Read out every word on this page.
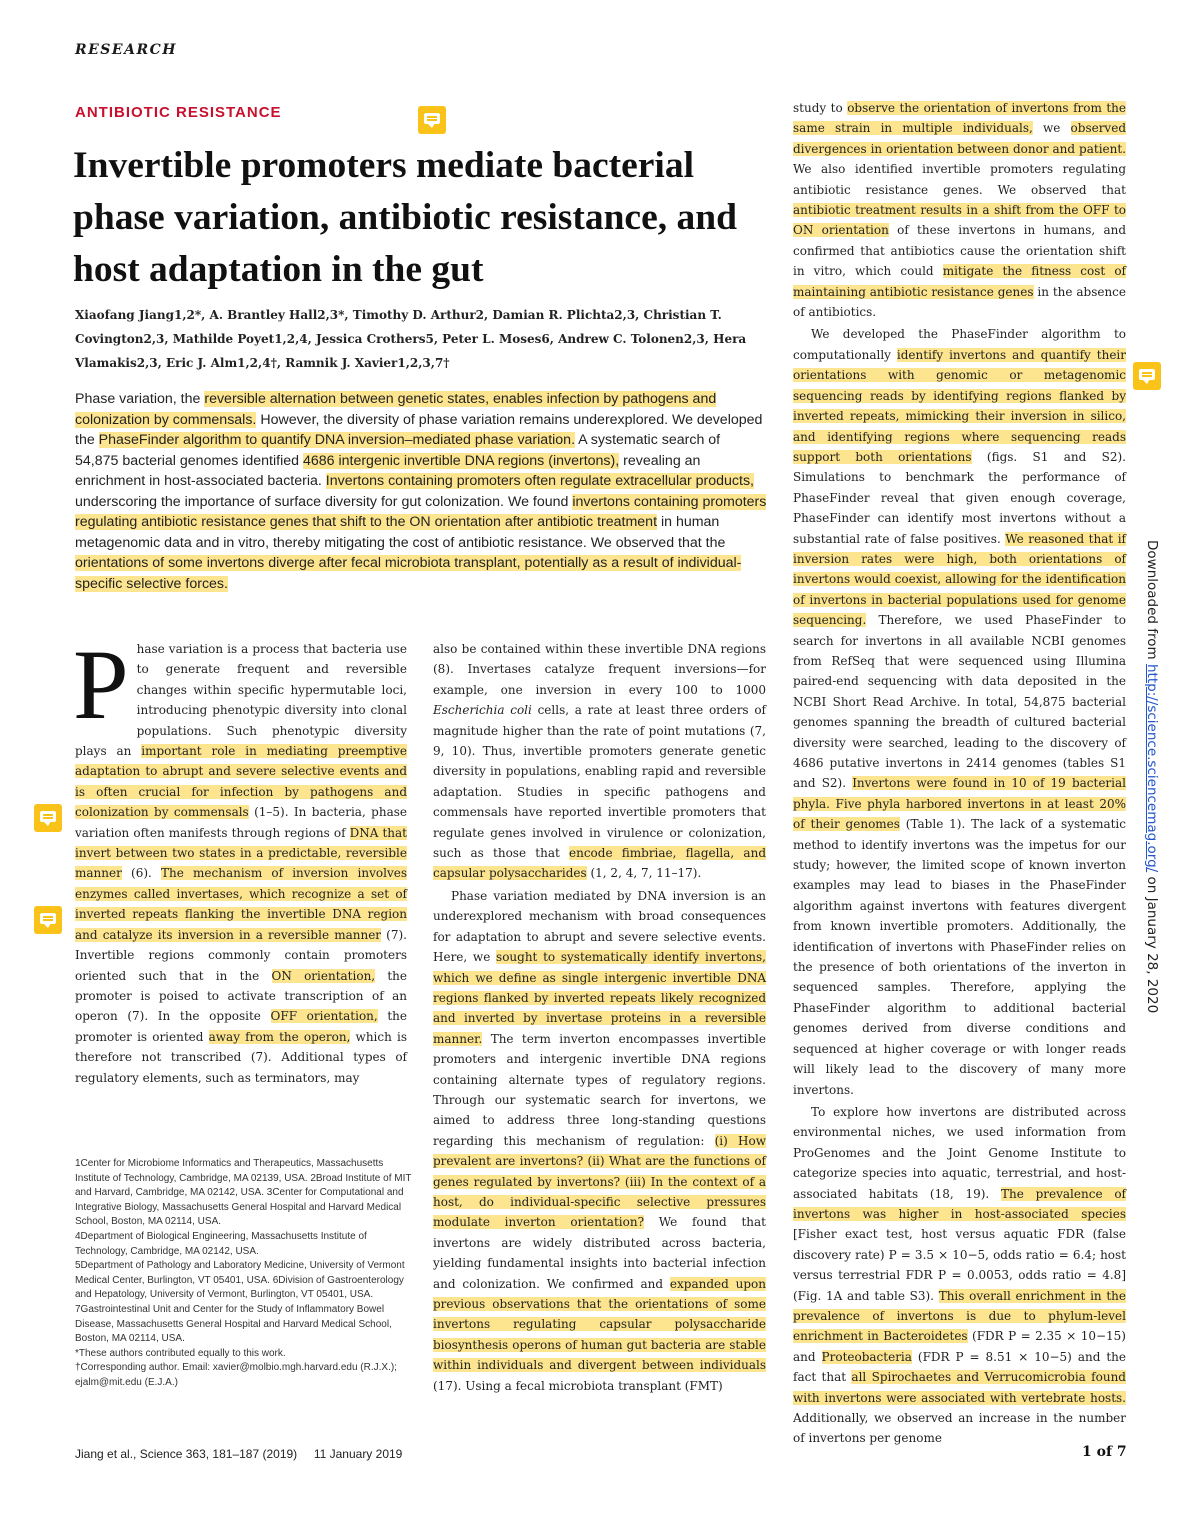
RESEARCH
ANTIBIOTIC RESISTANCE
Invertible promoters mediate bacterial phase variation, antibiotic resistance, and host adaptation in the gut

Xiaofang Jiang1,2*, A. Brantley Hall2,3*, Timothy D. Arthur2, Damian R. Plichta2,3, Christian T. Covington2,3, Mathilde Poyet1,2,4, Jessica Crothers5, Peter L. Moses6, Andrew C. Tolonen2,3, Hera Vlamakis2,3, Eric J. Alm1,2,4†, Ramnik J. Xavier1,2,3,7†

Phase variation, the reversible alternation between genetic states, enables infection by pathogens and colonization by commensals. However, the diversity of phase variation remains underexplored. We developed the PhaseFinder algorithm to quantify DNA inversion–mediated phase variation. A systematic search of 54,875 bacterial genomes identified 4686 intergenic invertible DNA regions (invertons), revealing an enrichment in host-associated bacteria. Invertons containing promoters often regulate extracellular products, underscoring the importance of surface diversity for gut colonization. We found invertons containing promoters regulating antibiotic resistance genes that shift to the ON orientation after antibiotic treatment in human metagenomic data and in vitro, thereby mitigating the cost of antibiotic resistance. We observed that the orientations of some invertons diverge after fecal microbiota transplant, potentially as a result of individual-specific selective forces.

Phase variation is a process that bacteria use to generate frequent and reversible changes within specific hypermutable loci, introducing phenotypic diversity into clonal populations. Such phenotypic diversity plays an important role in mediating preemptive adaptation to abrupt and severe selective events and is often crucial for infection by pathogens and colonization by commensals (1–5). In bacteria, phase variation often manifests through regions of DNA that invert between two states in a predictable, reversible manner (6). The mechanism of inversion involves enzymes called invertases, which recognize a set of inverted repeats flanking the invertible DNA region and catalyze its inversion in a reversible manner (7). Invertible regions commonly contain promoters oriented such that in the ON orientation, the promoter is poised to activate transcription of an operon (7). In the opposite OFF orientation, the promoter is oriented away from the operon, which is therefore not transcribed (7). Additional types of regulatory elements, such as terminators, may

1Center for Microbiome Informatics and Therapeutics, Massachusetts Institute of Technology, Cambridge, MA 02139, USA. 2Broad Institute of MIT and Harvard, Cambridge, MA 02142, USA. 3Center for Computational and Integrative Biology, Massachusetts General Hospital and Harvard Medical School, Boston, MA 02114, USA.
4Department of Biological Engineering, Massachusetts Institute of Technology, Cambridge, MA 02142, USA.
5Department of Pathology and Laboratory Medicine, University of Vermont Medical Center, Burlington, VT 05401, USA. 6Division of Gastroenterology and Hepatology, University of Vermont, Burlington, VT 05401, USA.
7Gastrointestinal Unit and Center for the Study of Inflammatory Bowel Disease, Massachusetts General Hospital and Harvard Medical School, Boston, MA 02114, USA.
*These authors contributed equally to this work.
†Corresponding author. Email: xavier@molbio.mgh.harvard.edu (R.J.X.); ejalm@mit.edu (E.J.A.)

also be contained within these invertible DNA regions (8). Invertases catalyze frequent inversions—for example, one inversion in every 100 to 1000 Escherichia coli cells, a rate at least three orders of magnitude higher than the rate of point mutations (7, 9, 10). Thus, invertible promoters generate genetic diversity in populations, enabling rapid and reversible adaptation. Studies in specific pathogens and commensals have reported invertible promoters that regulate genes involved in virulence or colonization, such as those that encode fimbriae, flagella, and capsular polysaccharides (1, 2, 4, 7, 11–17).

Phase variation mediated by DNA inversion is an underexplored mechanism with broad consequences for adaptation to abrupt and severe selective events. Here, we sought to systematically identify invertons, which we define as single intergenic invertible DNA regions flanked by inverted repeats likely recognized and inverted by invertase proteins in a reversible manner. The term inverton encompasses invertible promoters and intergenic invertible DNA regions containing alternate types of regulatory regions. Through our systematic search for invertons, we aimed to address three long-standing questions regarding this mechanism of regulation: (i) How prevalent are invertons? (ii) What are the functions of genes regulated by invertons? (iii) In the context of a host, do individual-specific selective pressures modulate inverton orientation? We found that invertons are widely distributed across bacteria, yielding fundamental insights into bacterial infection and colonization. We confirmed and expanded upon previous observations that the orientations of some invertons regulating capsular polysaccharide biosynthesis operons of human gut bacteria are stable within individuals and divergent between individuals (17). Using a fecal microbiota transplant (FMT)

study to observe the orientation of invertons from the same strain in multiple individuals, we observed divergences in orientation between donor and patient. We also identified invertible promoters regulating antibiotic resistance genes. We observed that antibiotic treatment results in a shift from the OFF to ON orientation of these invertons in humans, and confirmed that antibiotics cause the orientation shift in vitro, which could mitigate the fitness cost of maintaining antibiotic resistance genes in the absence of antibiotics.

We developed the PhaseFinder algorithm to computationally identify invertons and quantify their orientations with genomic or metagenomic sequencing reads by identifying regions flanked by inverted repeats, mimicking their inversion in silico, and identifying regions where sequencing reads support both orientations (figs. S1 and S2). Simulations to benchmark the performance of PhaseFinder reveal that given enough coverage, PhaseFinder can identify most invertons without a substantial rate of false positives. We reasoned that if inversion rates were high, both orientations of invertons would coexist, allowing for the identification of invertons in bacterial populations used for genome sequencing. Therefore, we used PhaseFinder to search for invertons in all available NCBI genomes from RefSeq that were sequenced using Illumina paired-end sequencing with data deposited in the NCBI Short Read Archive. In total, 54,875 bacterial genomes spanning the breadth of cultured bacterial diversity were searched, leading to the discovery of 4686 putative invertons in 2414 genomes (tables S1 and S2). Invertons were found in 10 of 19 bacterial phyla. Five phyla harbored invertons in at least 20% of their genomes (Table 1). The lack of a systematic method to identify invertons was the impetus for our study; however, the limited scope of known inverton examples may lead to biases in the PhaseFinder algorithm against invertons with features divergent from known invertible promoters. Additionally, the identification of invertons with PhaseFinder relies on the presence of both orientations of the inverton in sequenced samples. Therefore, applying the PhaseFinder algorithm to additional bacterial genomes derived from diverse conditions and sequenced at higher coverage or with longer reads will likely lead to the discovery of many more invertons.

To explore how invertons are distributed across environmental niches, we used information from ProGenomes and the Joint Genome Institute to categorize species into aquatic, terrestrial, and host-associated habitats (18, 19). The prevalence of invertons was higher in host-associated species [Fisher exact test, host versus aquatic FDR (false discovery rate) P = 3.5 × 10−5, odds ratio = 6.4; host versus terrestrial FDR P = 0.0053, odds ratio = 4.8] (Fig. 1A and table S3). This overall enrichment in the prevalence of invertons is due to phylum-level enrichment in Bacteroidetes (FDR P = 2.35 × 10−15) and Proteobacteria (FDR P = 8.51 × 10−5) and the fact that all Spirochaetes and Verrucomicrobia found with invertons were associated with vertebrate hosts. Additionally, we observed an increase in the number of invertons per genome

Downloaded from http://science.sciencemag.org/ on January 28, 2020
Jiang et al., Science 363, 181–187 (2019)     11 January 2019	1 of 7
